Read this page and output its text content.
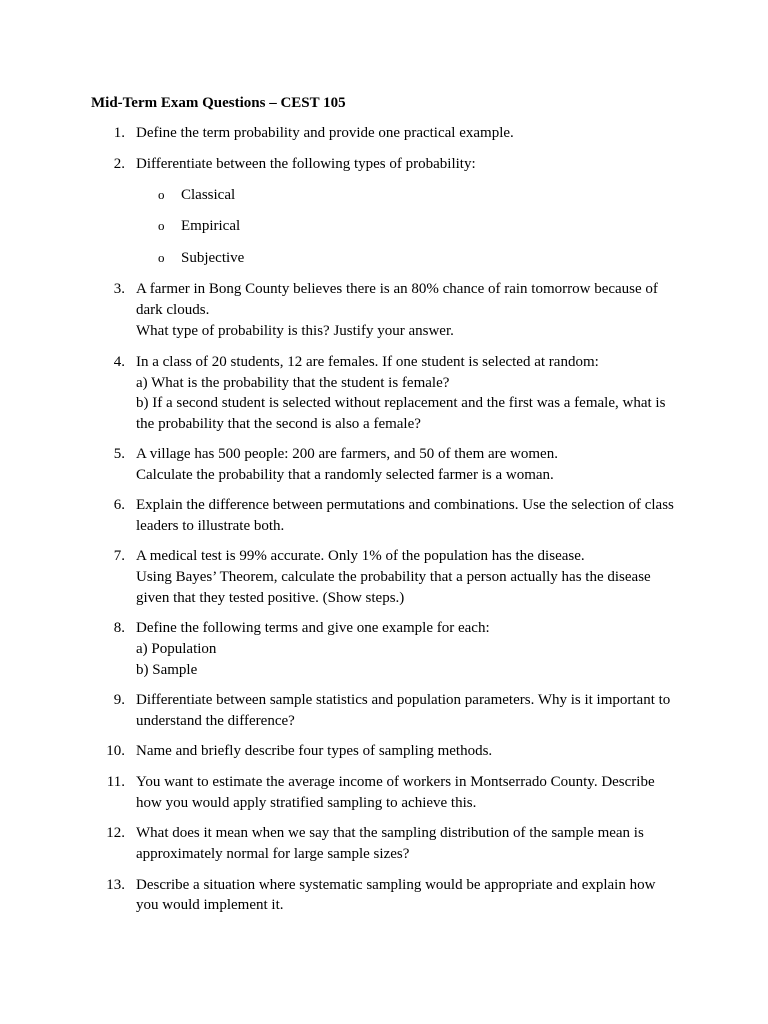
Mid-Term Exam Questions – CEST 105
1. Define the term probability and provide one practical example.
2. Differentiate between the following types of probability:
o Classical
o Empirical
o Subjective
3. A farmer in Bong County believes there is an 80% chance of rain tomorrow because of
dark clouds.
What type of probability is this? Justify your answer.
4. In a class of 20 students, 12 are females. If one student is selected at random:
a) What is the probability that the student is female?
b) If a second student is selected without replacement and the first was a female, what is
the probability that the second is also a female?
5. A village has 500 people: 200 are farmers, and 50 of them are women.
Calculate the probability that a randomly selected farmer is a woman.
6. Explain the difference between permutations and combinations. Use the selection of class
leaders to illustrate both.
7. A medical test is 99% accurate. Only 1% of the population has the disease.
Using Bayes’ Theorem, calculate the probability that a person actually has the disease
given that they tested positive. (Show steps.)
8. Define the following terms and give one example for each:
a) Population
b) Sample
9. Differentiate between sample statistics and population parameters. Why is it important to
understand the difference?
10. Name and briefly describe four types of sampling methods.
11. You want to estimate the average income of workers in Montserrado County. Describe
how you would apply stratified sampling to achieve this.
12. What does it mean when we say that the sampling distribution of the sample mean is
approximately normal for large sample sizes?
13. Describe a situation where systematic sampling would be appropriate and explain how
you would implement it.
